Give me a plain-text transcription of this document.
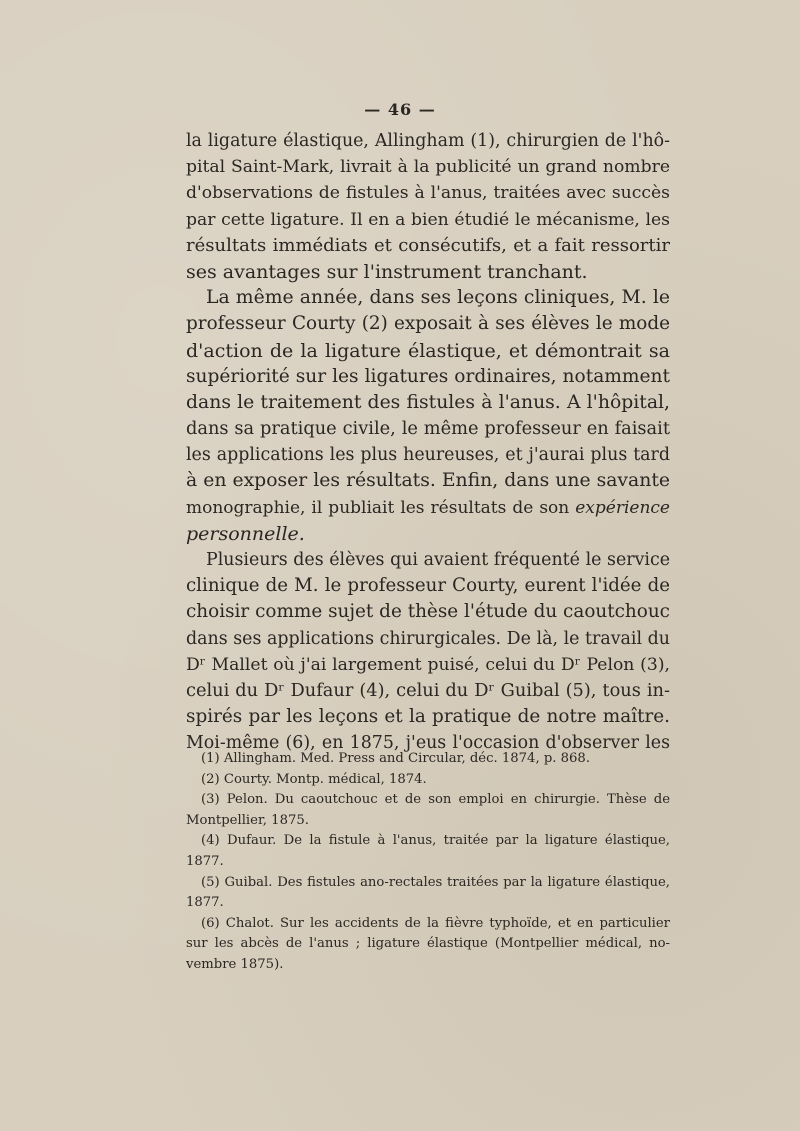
— 46 —
la ligature élastique, Allingham (1), chirurgien de l'hô-
pital Saint-Mark, livrait à la publicité un grand nombre
d'observations de fistules à l'anus, traitées avec succès
par cette ligature. Il en a bien étudié le mécanisme, les
résultats immédiats et consécutifs, et a fait ressortir
ses avantages sur l'instrument tranchant.
La même année, dans ses leçons cliniques, M. le
professeur Courty (2) exposait à ses élèves le mode
d'action de la ligature élastique, et démontrait sa
supériorité sur les ligatures ordinaires, notamment
dans le traitement des fistules à l'anus. A l'hôpital,
dans sa pratique civile, le même professeur en faisait
les applications les plus heureuses, et j'aurai plus tard
à en exposer les résultats. Enfin, dans une savante
monographie, il publiait les résultats de son expérience
personnelle.
Plusieurs des élèves qui avaient fréquenté le service
clinique de M. le professeur Courty, eurent l'idée de
choisir comme sujet de thèse l'étude du caoutchouc
dans ses applications chirurgicales. De là, le travail du
Dʳ Mallet où j'ai largement puisé, celui du Dʳ Pelon (3),
celui du Dʳ Dufaur (4), celui du Dʳ Guibal (5), tous in-
spirés par les leçons et la pratique de notre maître.
Moi-même (6), en 1875, j'eus l'occasion d'observer les
(1) Allingham. Med. Press and Circular, déc. 1874, p. 868.
(2) Courty. Montp. médical, 1874.
(3) Pelon. Du caoutchouc et de son emploi en chirurgie. Thèse de
Montpellier, 1875.
(4) Dufaur. De la fistule à l'anus, traitée par la ligature élastique,
1877.
(5) Guibal. Des fistules ano-rectales traitées par la ligature élastique,
1877.
(6) Chalot. Sur les accidents de la fièvre typhoïde, et en particulier
sur les abcès de l'anus ; ligature élastique (Montpellier médical, no-
vembre 1875).
